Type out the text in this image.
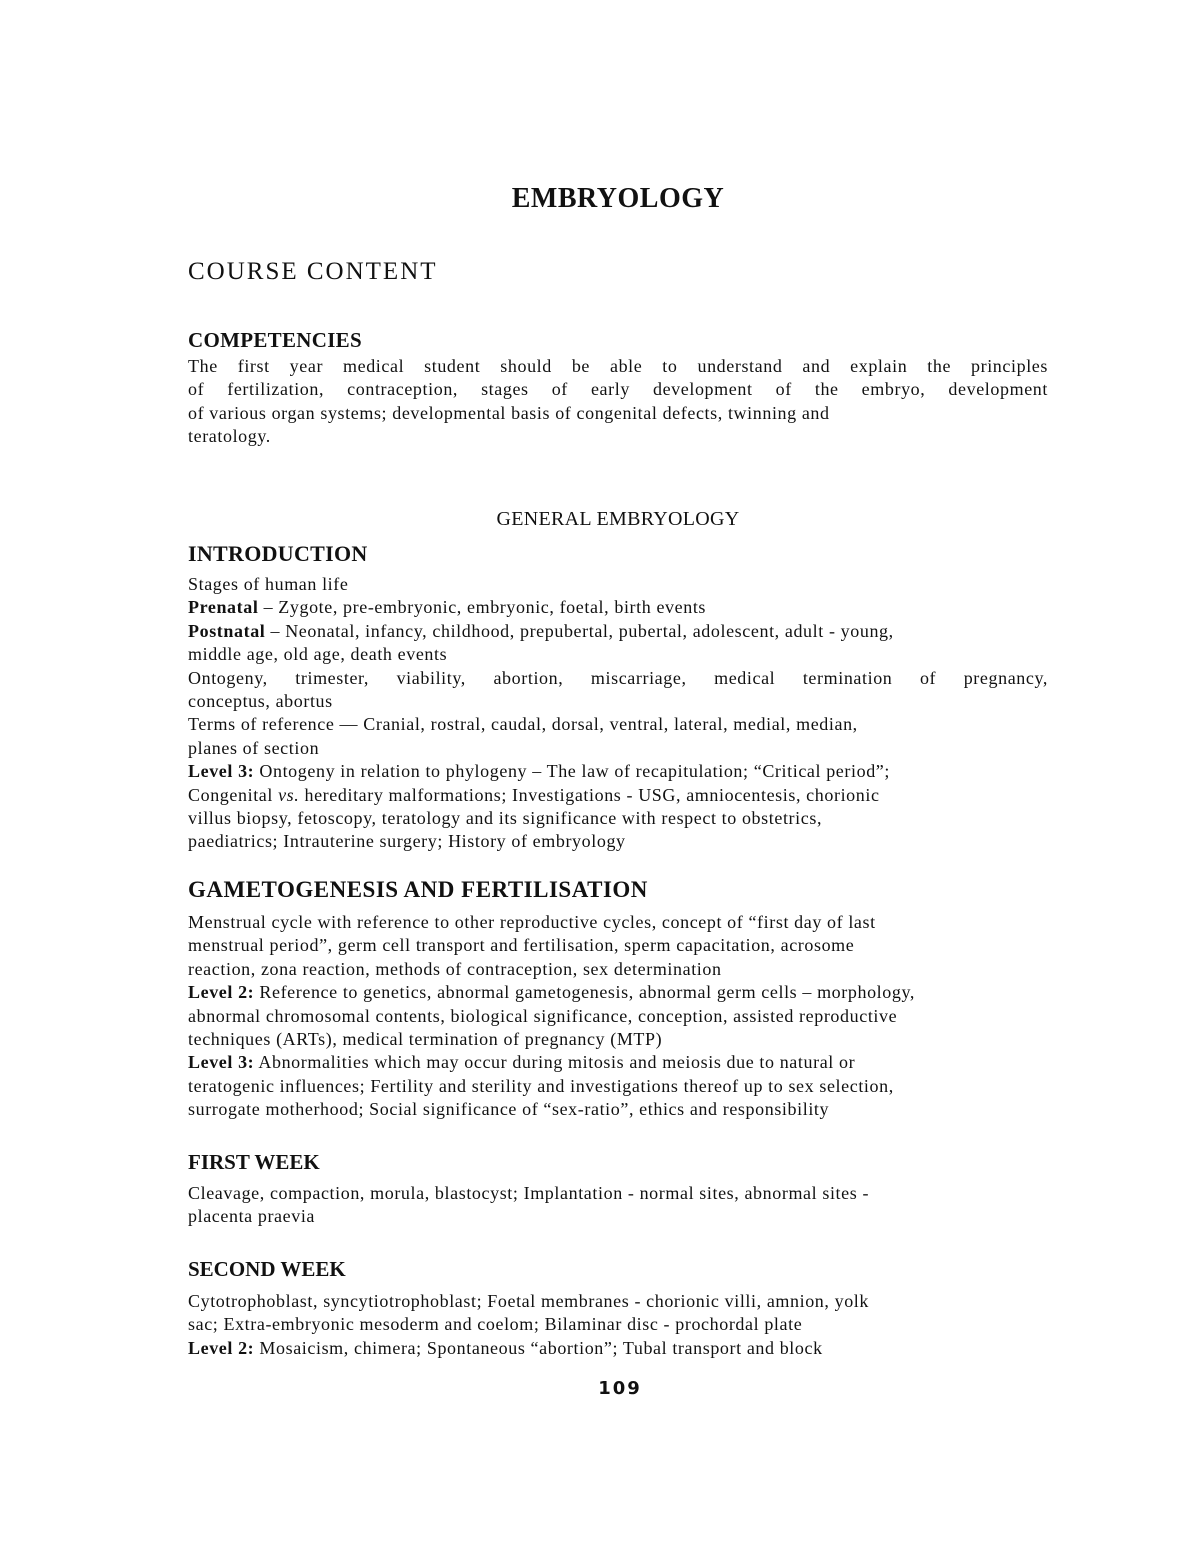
EMBRYOLOGY
COURSE CONTENT
COMPETENCIES
The first year medical student should be able to understand and explain the principles
of fertilization, contraception, stages of early development of the embryo, development
of various organ systems; developmental basis of congenital defects, twinning and
teratology.
GENERAL EMBRYOLOGY
INTRODUCTION
Stages of human life
Prenatal – Zygote, pre-embryonic, embryonic, foetal, birth events
Postnatal – Neonatal, infancy, childhood, prepubertal, pubertal, adolescent, adult - young,
middle age, old age, death events
Ontogeny, trimester, viability, abortion, miscarriage, medical termination of pregnancy,
conceptus, abortus
Terms of reference — Cranial, rostral, caudal, dorsal, ventral, lateral, medial, median,
planes of section
Level 3: Ontogeny in relation to phylogeny – The law of recapitulation; “Critical period”;
Congenital vs. hereditary malformations; Investigations - USG, amniocentesis, chorionic
villus biopsy, fetoscopy, teratology and its significance with respect to obstetrics,
paediatrics; Intrauterine surgery; History of embryology
GAMETOGENESIS AND FERTILISATION
Menstrual cycle with reference to other reproductive cycles, concept of “first day of last
menstrual period”, germ cell transport and fertilisation, sperm capacitation, acrosome
reaction, zona reaction, methods of contraception, sex determination
Level 2: Reference to genetics, abnormal gametogenesis, abnormal germ cells – morphology,
abnormal chromosomal contents, biological significance, conception, assisted reproductive
techniques (ARTs), medical termination of pregnancy (MTP)
Level 3: Abnormalities which may occur during mitosis and meiosis due to natural or
teratogenic influences; Fertility and sterility and investigations thereof up to sex selection,
surrogate motherhood; Social significance of “sex-ratio”, ethics and responsibility
FIRST WEEK
Cleavage, compaction, morula, blastocyst; Implantation - normal sites, abnormal sites -
placenta praevia
SECOND WEEK
Cytotrophoblast, syncytiotrophoblast; Foetal membranes - chorionic villi, amnion, yolk
sac; Extra-embryonic mesoderm and coelom; Bilaminar disc - prochordal plate
Level 2: Mosaicism, chimera; Spontaneous “abortion”; Tubal transport and block
109
